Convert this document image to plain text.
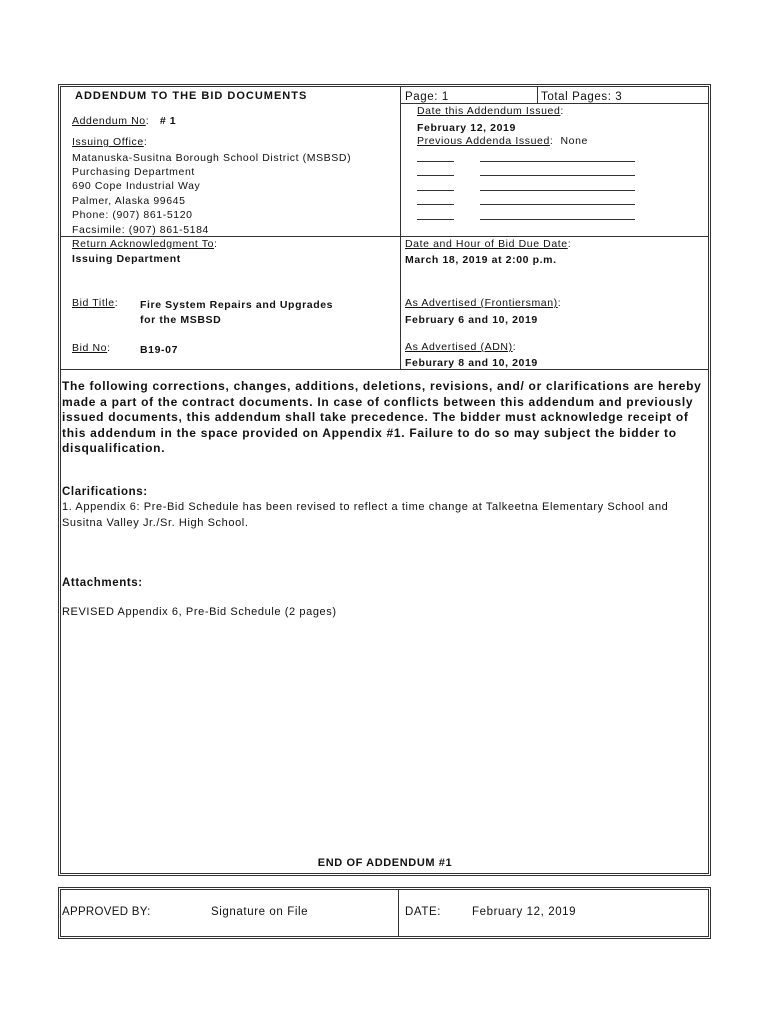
ADDENDUM TO THE BID DOCUMENTS	Page: 1	Total Pages: 3
Addendum No:   # 1
Issuing Office:
Matanuska-Susitna Borough School District (MSBSD)
Purchasing Department
690 Cope Industrial Way
Palmer, Alaska 99645
Phone: (907) 861-5120
Facsimile: (907) 861-5184
Return Acknowledgment To:
Issuing Department
Date this Addendum Issued:
February 12, 2019
Previous Addenda Issued:  None
Date and Hour of Bid Due Date:
March 18, 2019 at 2:00 p.m.
Bid Title: Fire System Repairs and Upgrades
for the MSBSD
Bid No:	B19-07
As Advertised (Frontiersman):
February 6 and 10, 2019
As Advertised (ADN):
Feburary 8 and 10, 2019
The following corrections, changes, additions, deletions, revisions, and/ or clarifications are hereby made a part of the contract documents. In case of conflicts between this addendum and previously issued documents, this addendum shall take precedence. The bidder must acknowledge receipt of this addendum in the space provided on Appendix #1. Failure to do so may subject the bidder to disqualification.
Clarifications:
1. Appendix 6: Pre-Bid Schedule has been revised to reflect a time change at Talkeetna Elementary School and
Susitna Valley Jr./Sr. High School.
Attachments:
REVISED Appendix 6, Pre-Bid Schedule (2 pages)
END OF ADDENDUM #1
APPROVED BY:	Signature on File	DATE:	February 12, 2019
